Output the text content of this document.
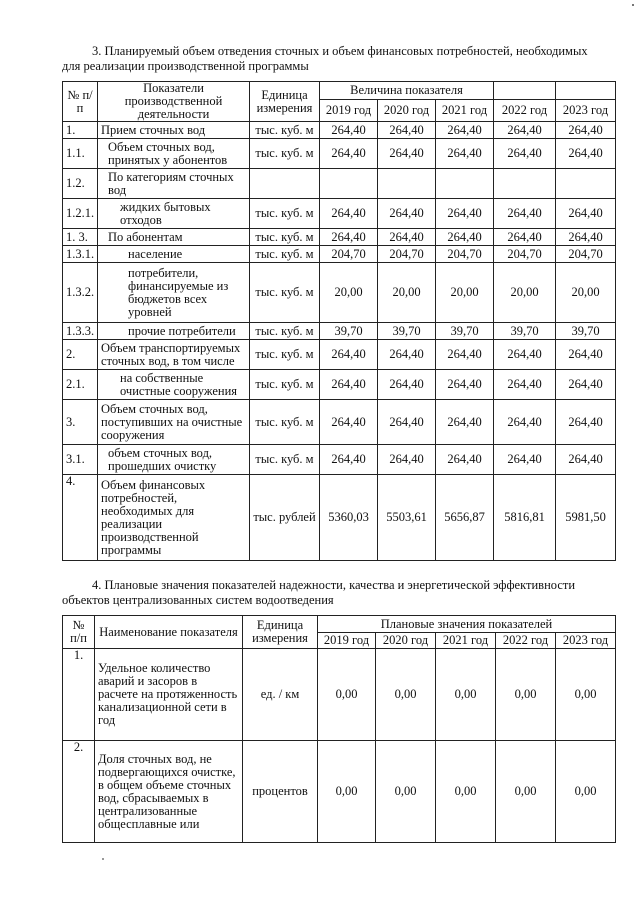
3. Планируемый объем отведения сточных и объем финансовых потребностей, необходимых
для реализации производственной программы
№ п/п	Показатели производственной деятельности	Единица измерения	Величина показателя				
			2019 год	2020 год	2021 год	2022 год	2023 год
1.	Прием сточных вод	тыс. куб. м	264,40	264,40	264,40	264,40	264,40
1.1.	Объем сточных вод, принятых у абонентов	тыс. куб. м	264,40	264,40	264,40	264,40	264,40
1.2.	По категориям сточных вод						
1.2.1.	жидких бытовых отходов	тыс. куб. м	264,40	264,40	264,40	264,40	264,40
1. 3.	По абонентам	тыс. куб. м	264,40	264,40	264,40	264,40	264,40
1.3.1.	население	тыс. куб. м	204,70	204,70	204,70	204,70	204,70
1.3.2.	потребители, финансируемые из бюджетов всех уровней	тыс. куб. м	20,00	20,00	20,00	20,00	20,00
1.3.3.	прочие потребители	тыс. куб. м	39,70	39,70	39,70	39,70	39,70
2.	Объем транспортируемых сточных вод, в том числе	тыс. куб. м	264,40	264,40	264,40	264,40	264,40
2.1.	на собственные очистные сооружения	тыс. куб. м	264,40	264,40	264,40	264,40	264,40
3.	Объем сточных вод, поступивших на очистные сооружения	тыс. куб. м	264,40	264,40	264,40	264,40	264,40
3.1.	объем сточных вод, прошедших очистку	тыс. куб. м	264,40	264,40	264,40	264,40	264,40
4.	Объем финансовых потребностей, необходимых для реализации производственной программы	тыс. рублей	5360,03	5503,61	5656,87	5816,81	5981,50
4. Плановые значения показателей надежности, качества и энергетической эффективности
объектов централизованных систем водоотведения
№ п/п	Наименование показателя	Единица измерения	Плановые значения показателей				
			2019 год	2020 год	2021 год	2022 год	2023 год
1.	Удельное количество аварий и засоров в расчете на протяженность канализационной сети в год	ед. / км	0,00	0,00	0,00	0,00	0,00
2.	Доля сточных вод, не подвергающихся очистке, в общем объеме сточных вод, сбрасываемых в централизованные общесплавные или	процентов	0,00	0,00	0,00	0,00	0,00
